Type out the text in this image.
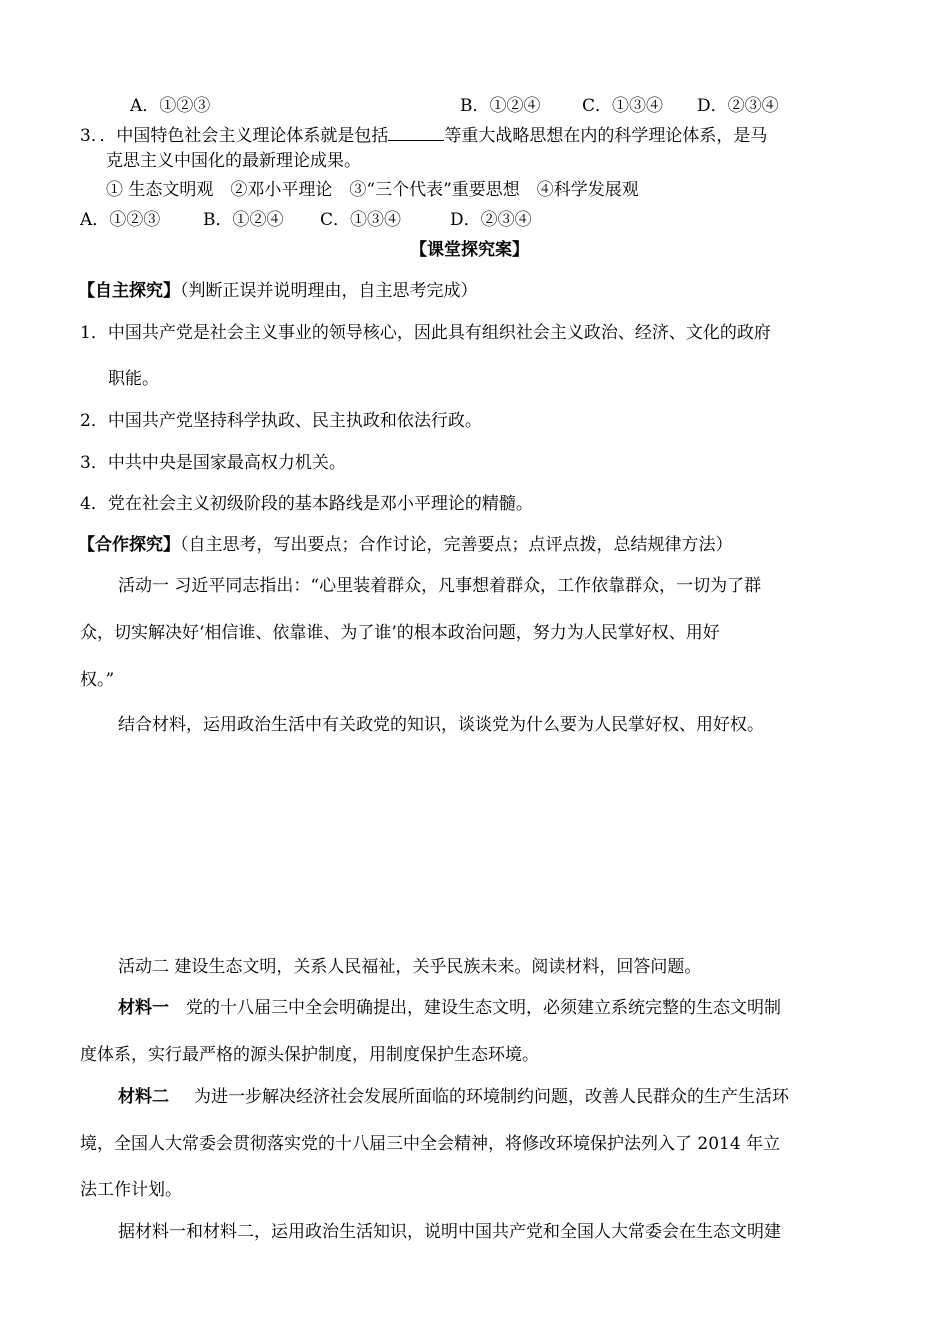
A．①②③	B．①②④ C．①③④ D．②③④
3．．中国特色社会主义理论体系就是包括	等重大战略思想在内的科学理论体系，是马
克思主义中国化的最新理论成果。
① 生态文明观　②邓小平理论　③“三个代表”重要思想　④科学发展观
A．①②③	B．①②④ C．①③④	D．②③④
【课堂探究案】
【自主探究】（判断正误并说明理由，自主思考完成）
1．中国共产党是社会主义事业的领导核心，因此具有组织社会主义政治、经济、文化的政府
职能。
2．中国共产党坚持科学执政、民主执政和依法行政。
3．中共中央是国家最高权力机关。
4．党在社会主义初级阶段的基本路线是邓小平理论的精髓。
【合作探究】（自主思考，写出要点；合作讨论，完善要点；点评点拨，总结规律方法）
活动一 习近平同志指出：“心里装着群众，凡事想着群众，工作依靠群众，一切为了群
众，切实解决好‘相信谁、依靠谁、为了谁’的根本政治问题，努力为人民掌好权、用好
权。”
结合材料，运用政治生活中有关政党的知识，谈谈党为什么要为人民掌好权、用好权。
活动二 建设生态文明，关系人民福祉，关乎民族未来。阅读材料，回答问题。
材料一 党的十八届三中全会明确提出，建设生态文明，必须建立系统完整的生态文明制
度体系，实行最严格的源头保护制度，用制度保护生态环境。
材料二 为进一步解决经济社会发展所面临的环境制约问题，改善人民群众的生产生活环
境，全国人大常委会贯彻落实党的十八届三中全会精神，将修改环境保护法列入了 2014 年立
法工作计划。
据材料一和材料二，运用政治生活知识，说明中国共产党和全国人大常委会在生态文明建
